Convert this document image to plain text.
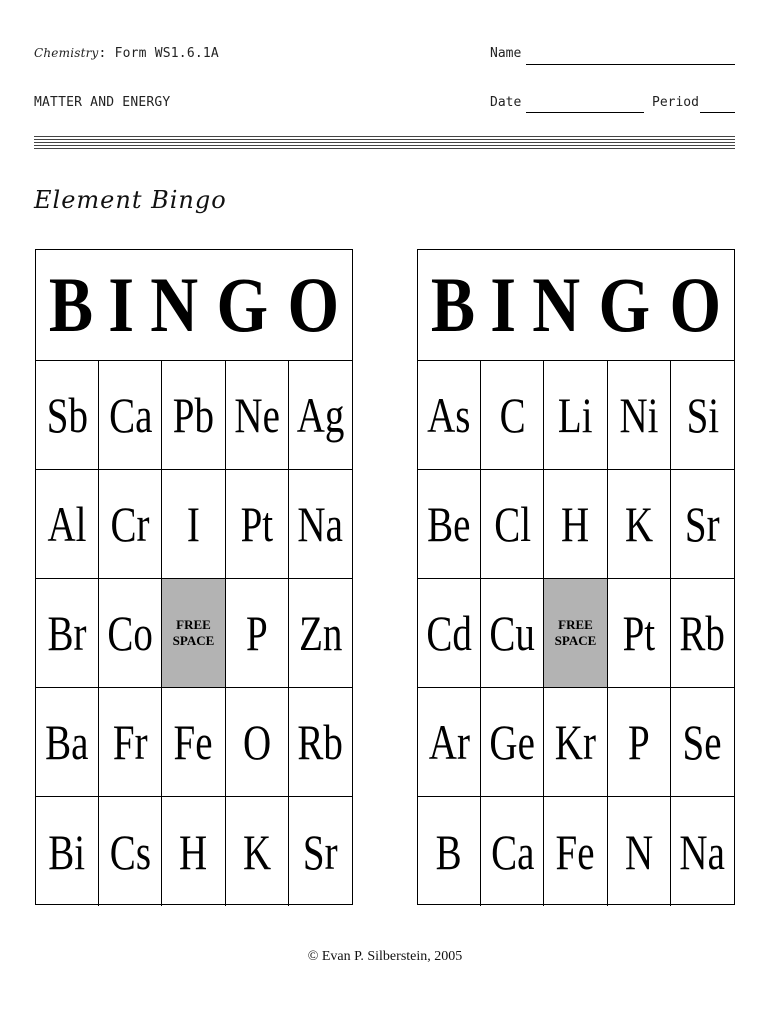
Chemistry: Form WS1.6.1A
MATTER AND ENERGY
Name
Date	Period
Element Bingo
B I N G O
Sb Ca Pb Ne Ag
Al Cr I Pt Na
Br Co	FREE SPACE P Zn
Ba Fr Fe O Rb
Bi Cs H K Sr
B I N G O
As C Li Ni Si
Be Cl H K Sr
Cd Cu	FREE SPACE Pt Rb
Ar Ge Kr P Se
B Ca Fe N Na
© Evan P. Silberstein, 2005
